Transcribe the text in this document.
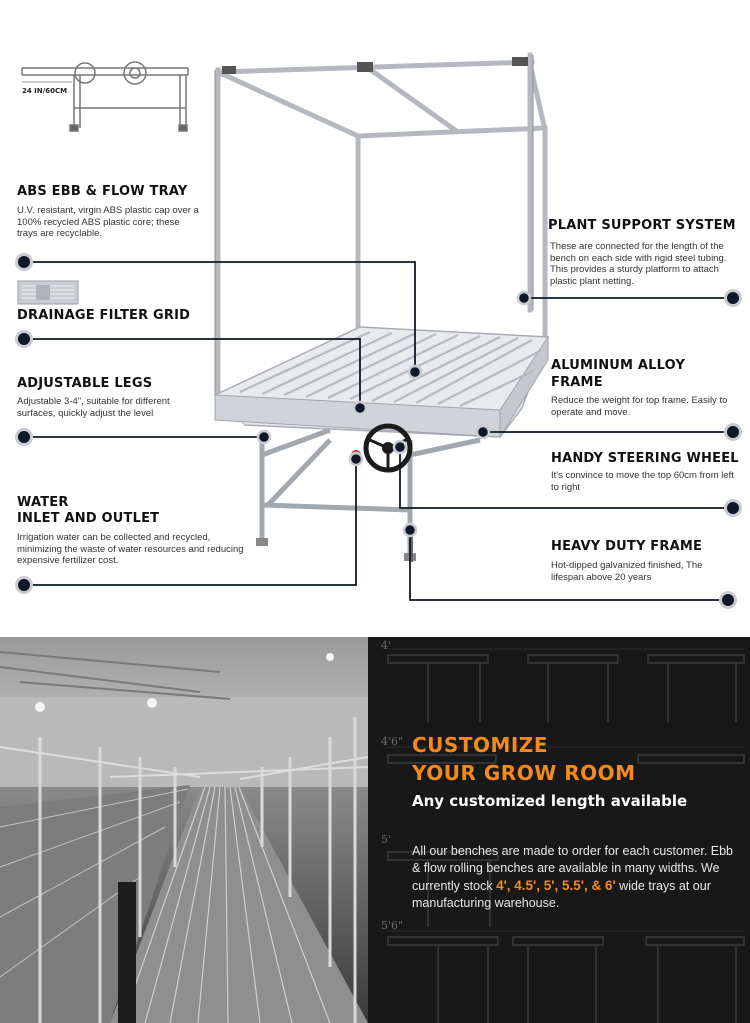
24 IN/60CM
ABS EBB & FLOW TRAY
U.V. resistant, virgin ABS plastic cap over a 100% recycled ABS plastic core; these trays are recyclable.
DRAINAGE FILTER GRID
ADJUSTABLE LEGS
Adjustable 3-4", suitable for different surfaces, quickly adjust the level
WATER
INLET AND OUTLET
Irrigation water can be collected and recycled, minimizing the waste of water resources and reducing expensive fertilizer cost.
PLANT SUPPORT SYSTEM
These are connected for the length of the bench on each side with rigid steel tubing. This provides a sturdy platform to attach plastic plant netting.
ALUMINUM ALLOY
FRAME
Reduce the weight for top frame. Easily to operate and move.
HANDY STEERING WHEEL
It's convince to move the top 60cm from left to right
HEAVY DUTY FRAME
Hot-dipped galvanized finished, The lifespan above 20 years
4'
4'6"
5'
5'6"
CUSTOMIZE
YOUR GROW ROOM

Any customized length available

All our benches are made to order for each customer. Ebb & flow rolling benches are available in many widths. We currently stock 4', 4.5', 5', 5.5', & 6' wide trays at our manufacturing warehouse.
